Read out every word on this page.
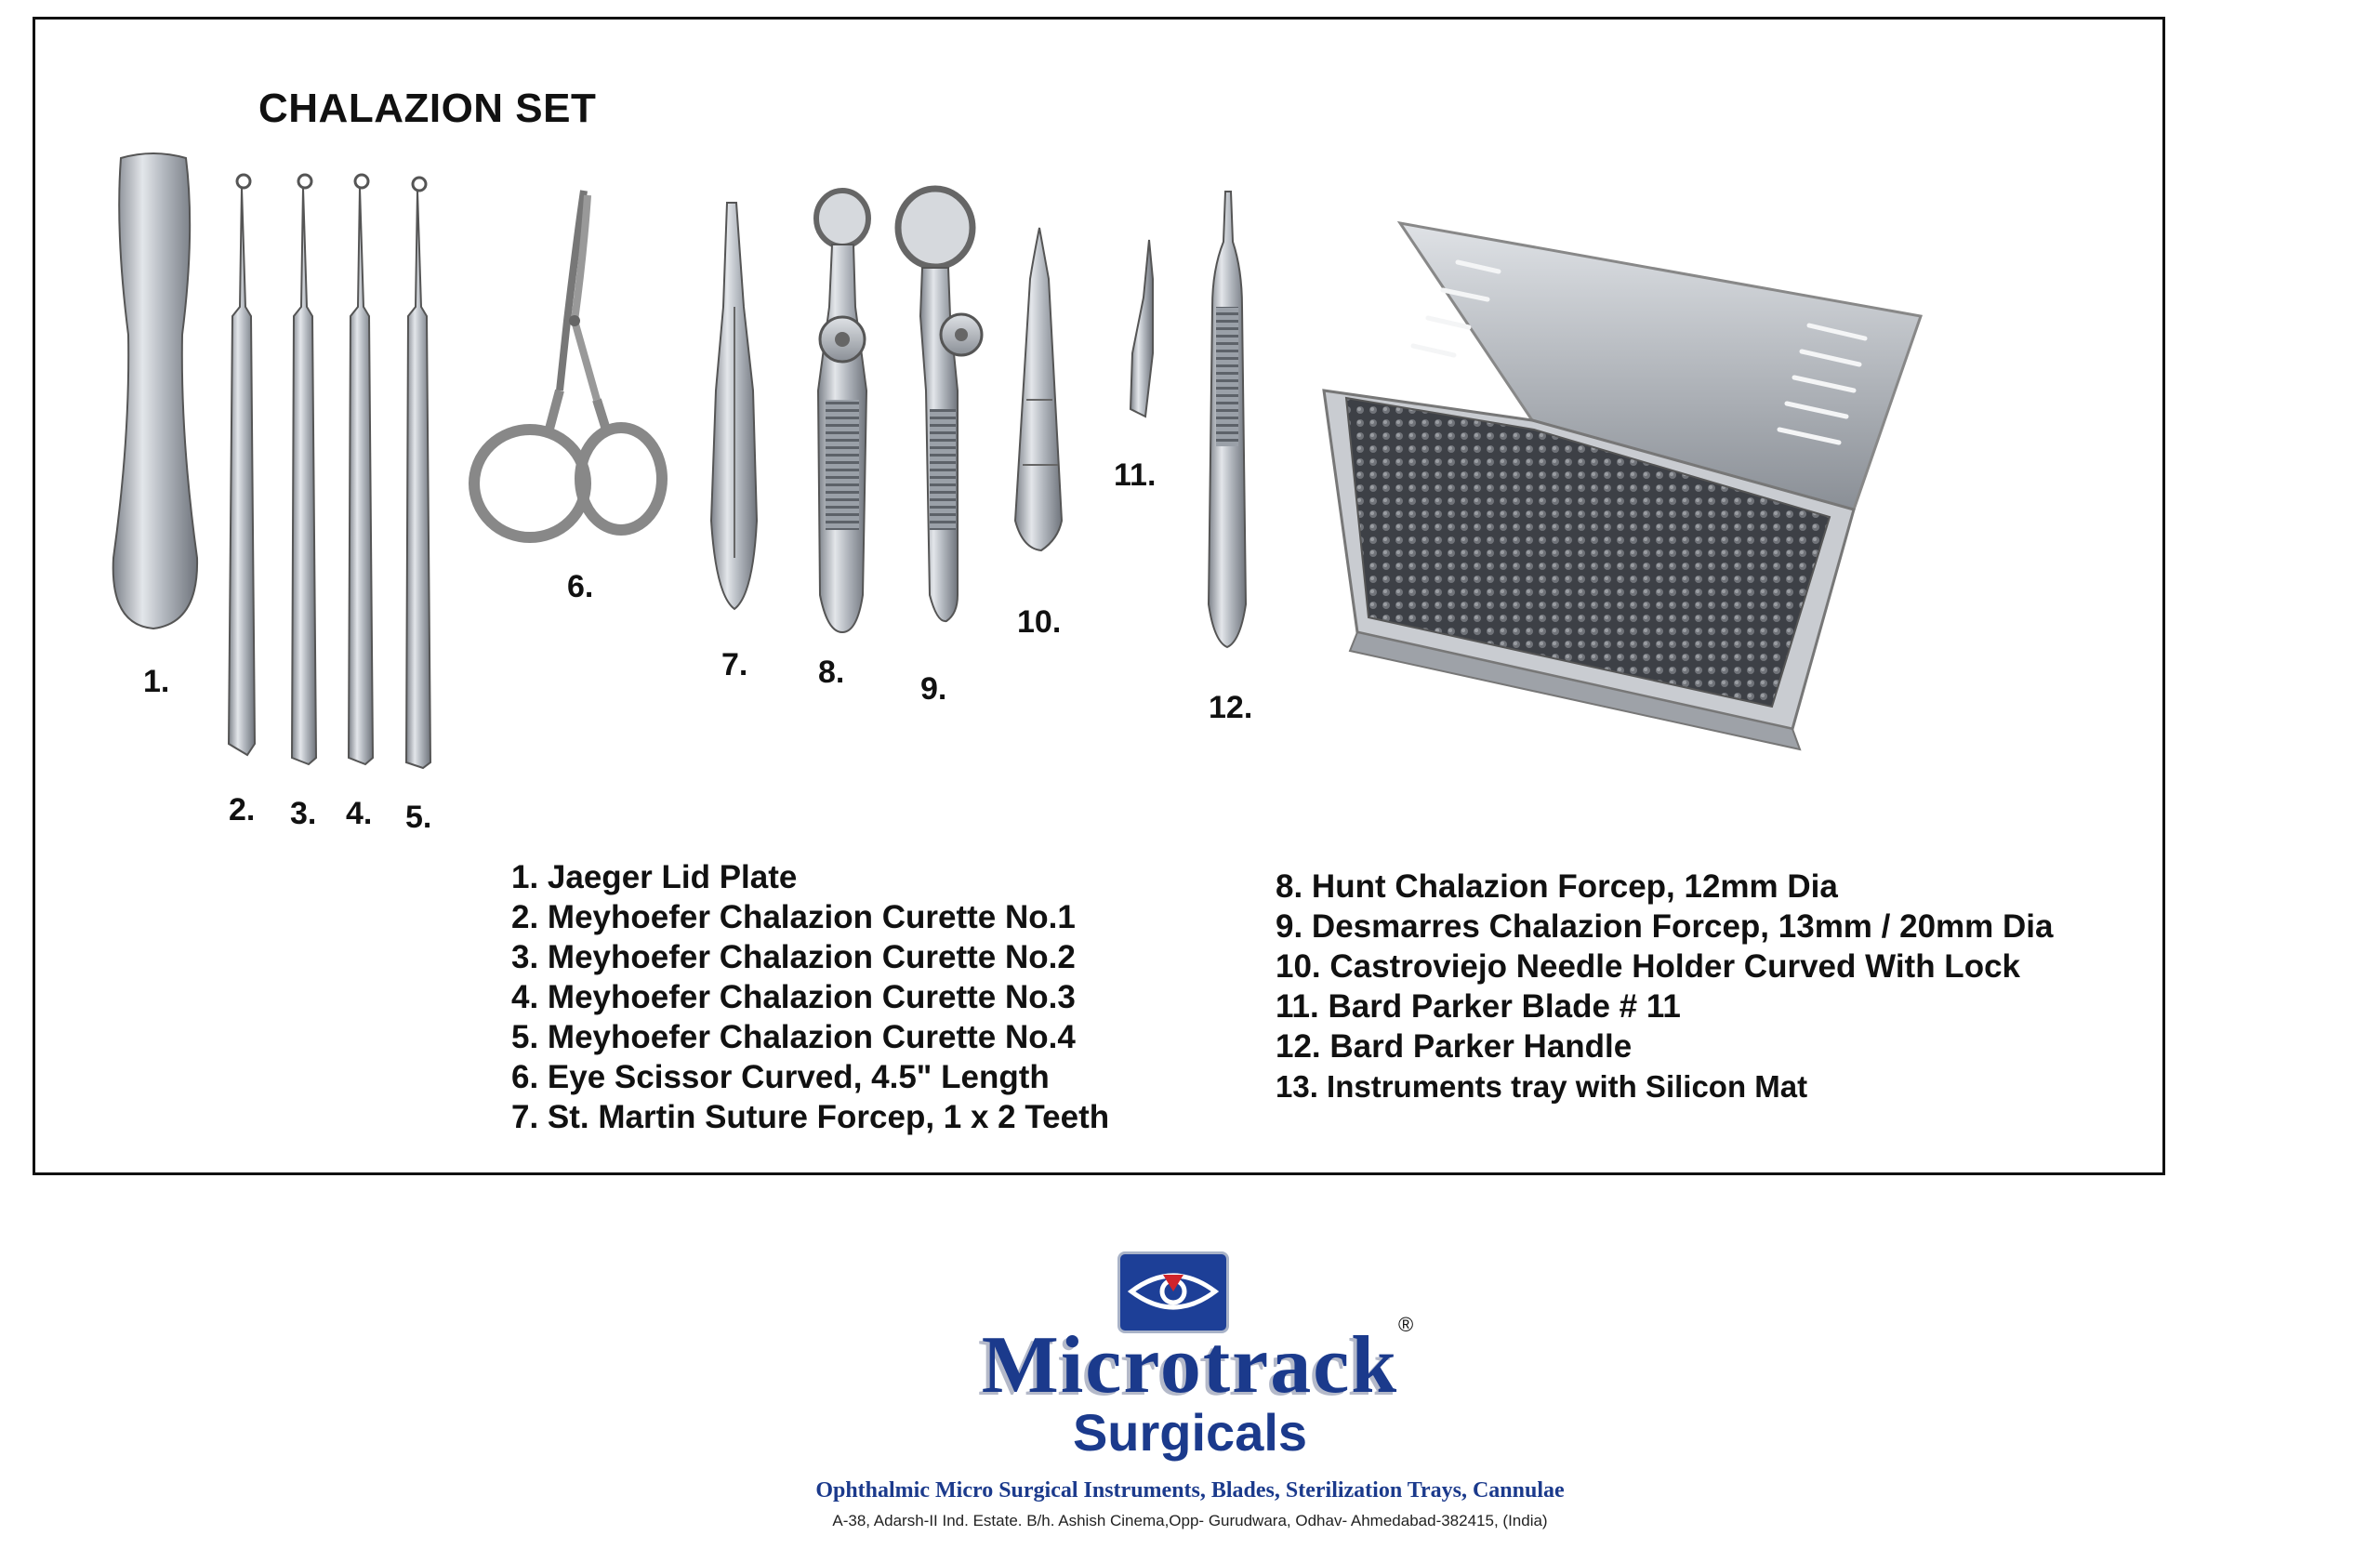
CHALAZION SET
1.
2. 3. 4. 5.
6.
7. 8. 9.
10.
11.
12.
1. Jaeger Lid Plate
2. Meyhoefer Chalazion Curette No.1
3. Meyhoefer Chalazion Curette No.2
4. Meyhoefer Chalazion Curette No.3
5. Meyhoefer Chalazion Curette No.4
6. Eye Scissor Curved, 4.5" Length
7. St. Martin Suture Forcep, 1 x 2 Teeth
8. Hunt Chalazion Forcep, 12mm Dia
9. Desmarres Chalazion Forcep, 13mm / 20mm Dia
10. Castroviejo Needle Holder Curved With Lock
11. Bard Parker Blade # 11
12. Bard Parker Handle
13. Instruments tray with Silicon Mat
Microtrack ®
Surgicals
Ophthalmic Micro Surgical Instruments, Blades, Sterilization Trays, Cannulae
A-38, Adarsh-II Ind. Estate. B/h. Ashish Cinema,Opp- Gurudwara, Odhav- Ahmedabad-382415, (India)
